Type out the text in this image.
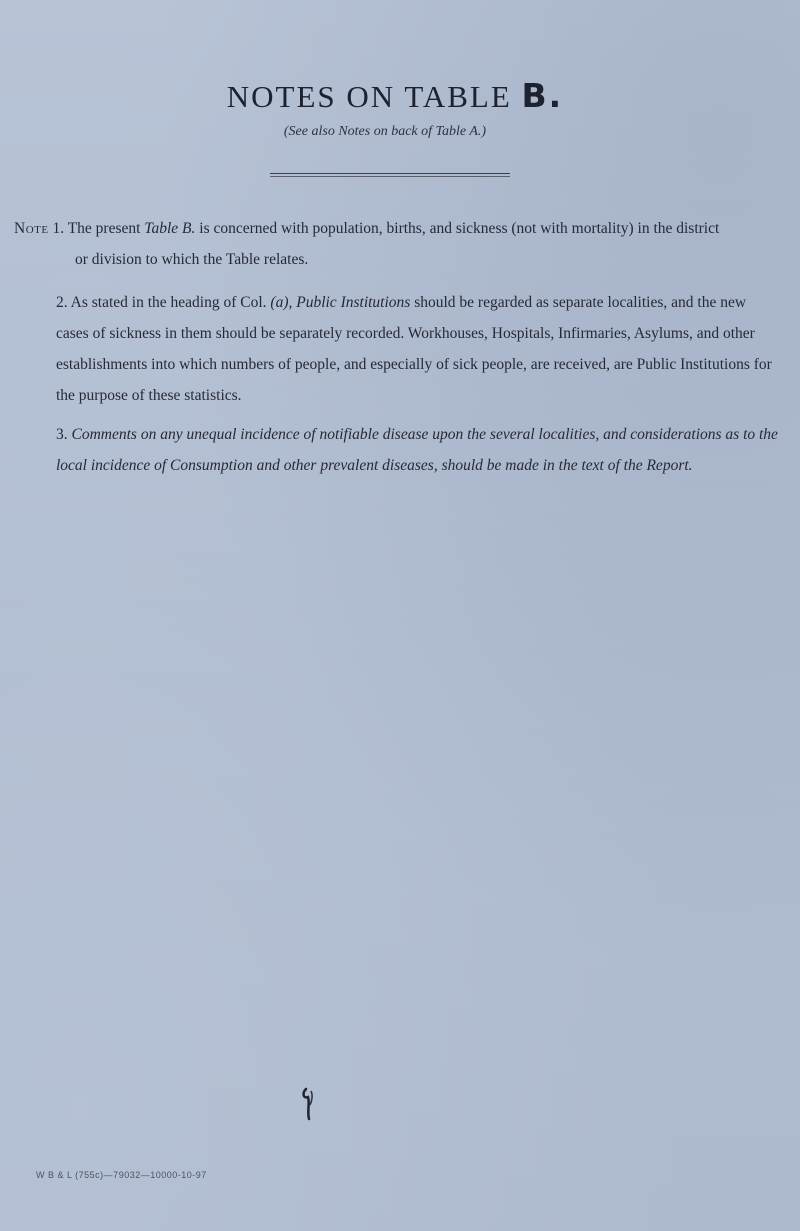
NOTES ON TABLE B.
(See also Notes on back of Table A.)
Note 1. The present Table B. is concerned with population, births, and sickness (not with mortality) in the district
or division to which the Table relates.
2. As stated in the heading of Col. (a), Public Institutions should be regarded as separate localities, and the new cases of sickness in them should be separately recorded. Workhouses, Hospitals, Infirmaries, Asylums, and other establishments into which numbers of people, and especially of sick people, are received, are Public Institutions for the purpose of these statistics.
3. Comments on any unequal incidence of notifiable disease upon the several localities, and considerations as to the local incidence of Consumption and other prevalent diseases, should be made in the text of the Report.
W B & L (755c)—79032—10000-10-97
